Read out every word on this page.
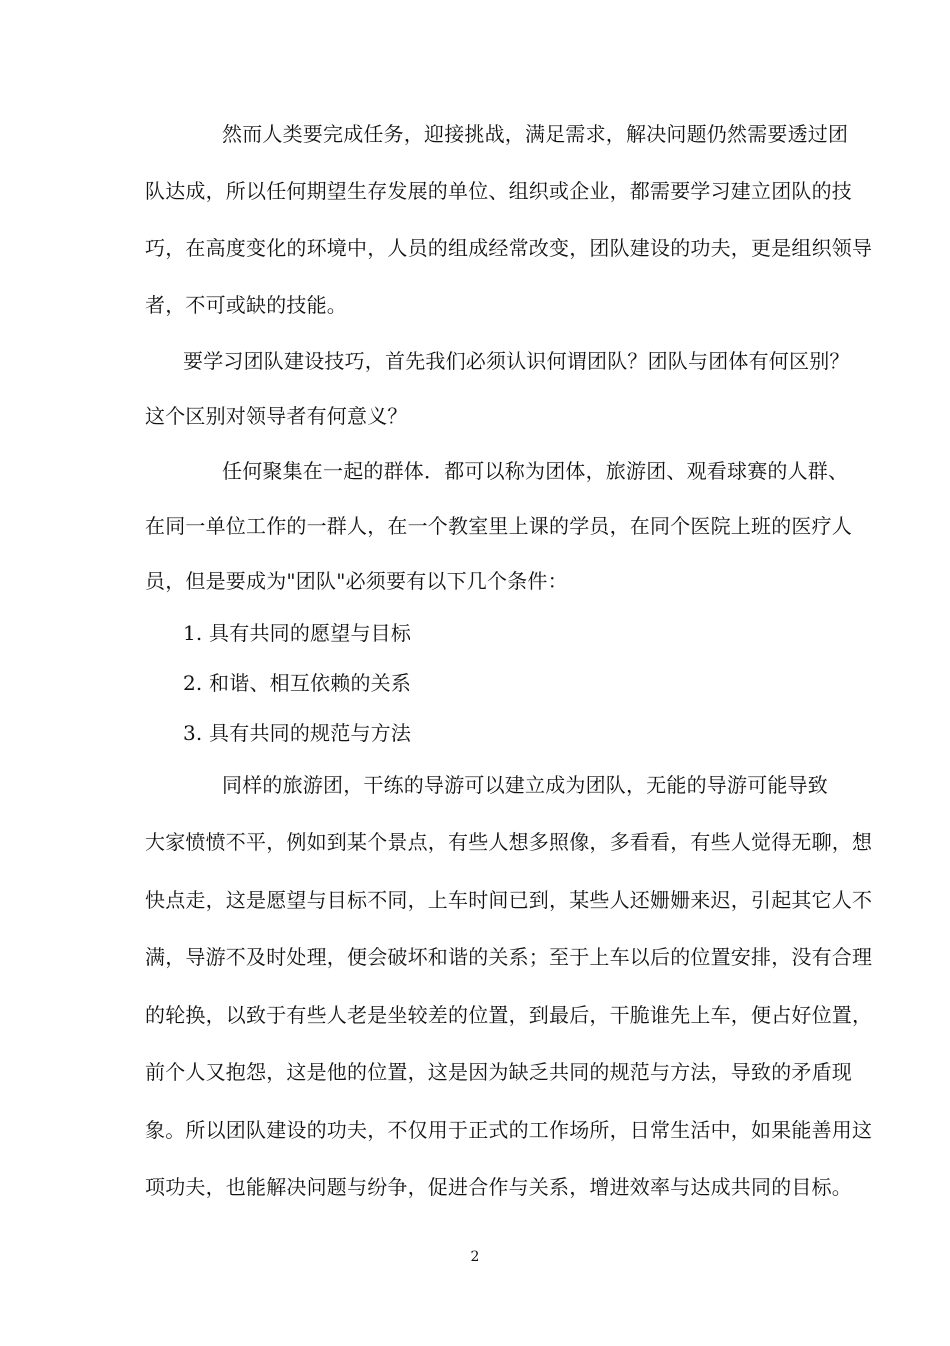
然而人类要完成任务，迎接挑战，满足需求，解决问题仍然需要透过团
队达成，所以任何期望生存发展的单位、组织或企业，都需要学习建立团队的技
巧，在高度变化的环境中，人员的组成经常改变，团队建设的功夫，更是组织领导
者，不可或缺的技能。
要学习团队建设技巧，首先我们必须认识何谓团队？团队与团体有何区别？
这个区别对领导者有何意义？
任何聚集在一起的群体．都可以称为团体，旅游团、观看球赛的人群、
在同一单位工作的一群人，在一个教室里上课的学员，在同个医院上班的医疗人
员，但是要成为"团队"必须要有以下几个条件：
1. 具有共同的愿望与目标
2. 和谐、相互依赖的关系
3. 具有共同的规范与方法
同样的旅游团，干练的导游可以建立成为团队，无能的导游可能导致
大家愤愤不平，例如到某个景点，有些人想多照像，多看看，有些人觉得无聊，想
快点走，这是愿望与目标不同，上车时间已到，某些人还姗姗来迟，引起其它人不
满，导游不及时处理，便会破坏和谐的关系；至于上车以后的位置安排，没有合理
的轮换，以致于有些人老是坐较差的位置，到最后，干脆谁先上车，便占好位置，
前个人又抱怨，这是他的位置，这是因为缺乏共同的规范与方法，导致的矛盾现
象。所以团队建设的功夫，不仅用于正式的工作场所，日常生活中，如果能善用这
项功夫，也能解决问题与纷争，促进合作与关系，增进效率与达成共同的目标。
2
